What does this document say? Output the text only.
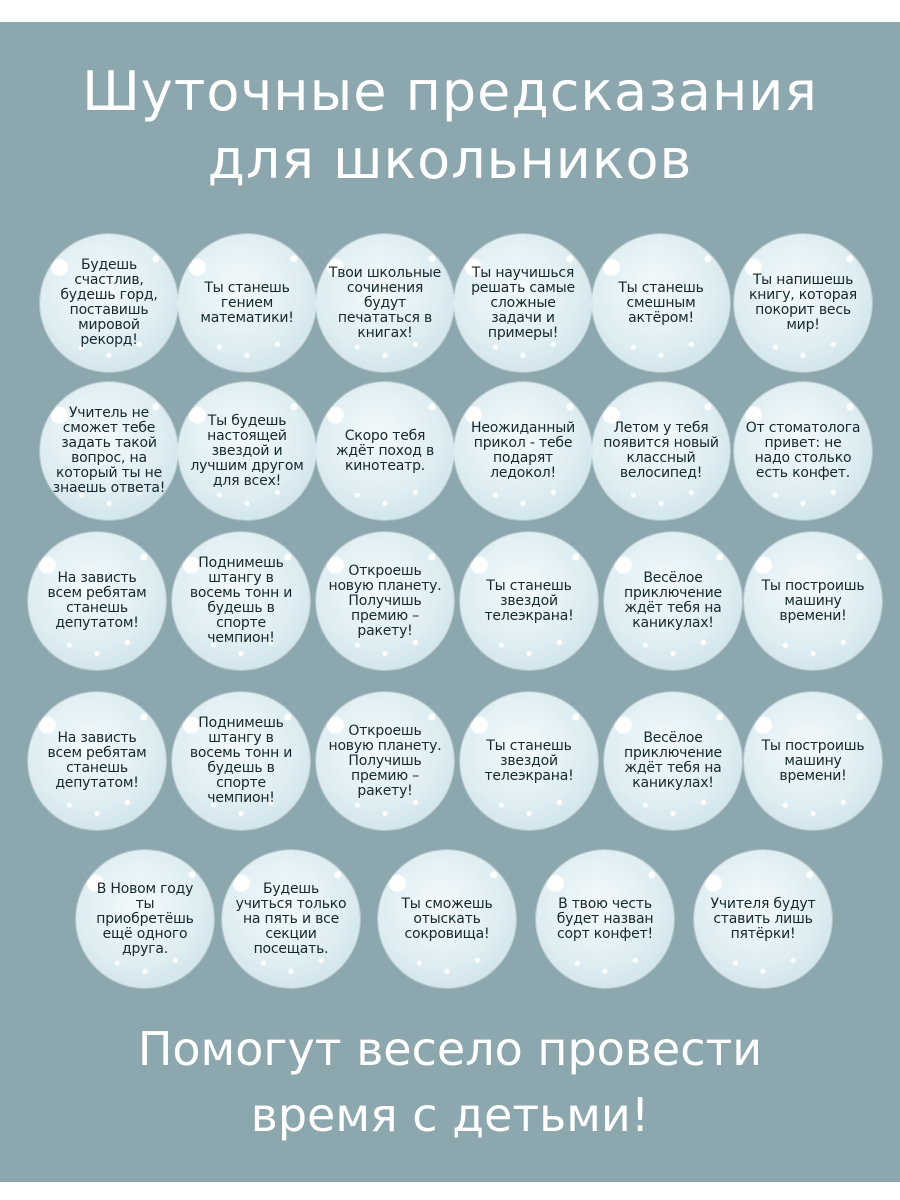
Шуточные предсказания
для школьников
Будешь счастлив, будешь горд, поставишь мировой рекорд!
Ты станешь гением математики!
Твои школьные сочинения будут печататься в книгах!
Ты научишься решать самые сложные задачи и примеры!
Ты станешь смешным актёром!
Ты напишешь книгу, которая покорит весь мир!
Учитель не сможет тебе задать такой вопрос, на который ты не знаешь ответа!
Ты будешь настоящей звездой и лучшим другом для всех!
Скоро тебя ждёт поход в кинотеатр.
Неожиданный прикол - тебе подарят ледокол!
Летом у тебя появится новый классный велосипед!
От стоматолога привет: не надо столько есть конфет.
На зависть всем ребятам станешь депутатом!
Поднимешь штангу в восемь тонн и будешь в спорте чемпион!
Откроешь новую планету. Получишь премию – ракету!
Ты станешь звездой телеэкрана!
Весёлое приключение ждёт тебя на каникулах!
Ты построишь машину времени!
На зависть всем ребятам станешь депутатом!
Поднимешь штангу в восемь тонн и будешь в спорте чемпион!
Откроешь новую планету. Получишь премию – ракету!
Ты станешь звездой телеэкрана!
Весёлое приключение ждёт тебя на каникулах!
Ты построишь машину времени!
В Новом году ты приобретёшь ещё одного друга.
Будешь учиться только на пять и все секции посещать.
Ты сможешь отыскать сокровища!
В твою честь будет назван сорт конфет!
Учителя будут ставить лишь пятёрки!

Помогут весело провести

время с детьми!
